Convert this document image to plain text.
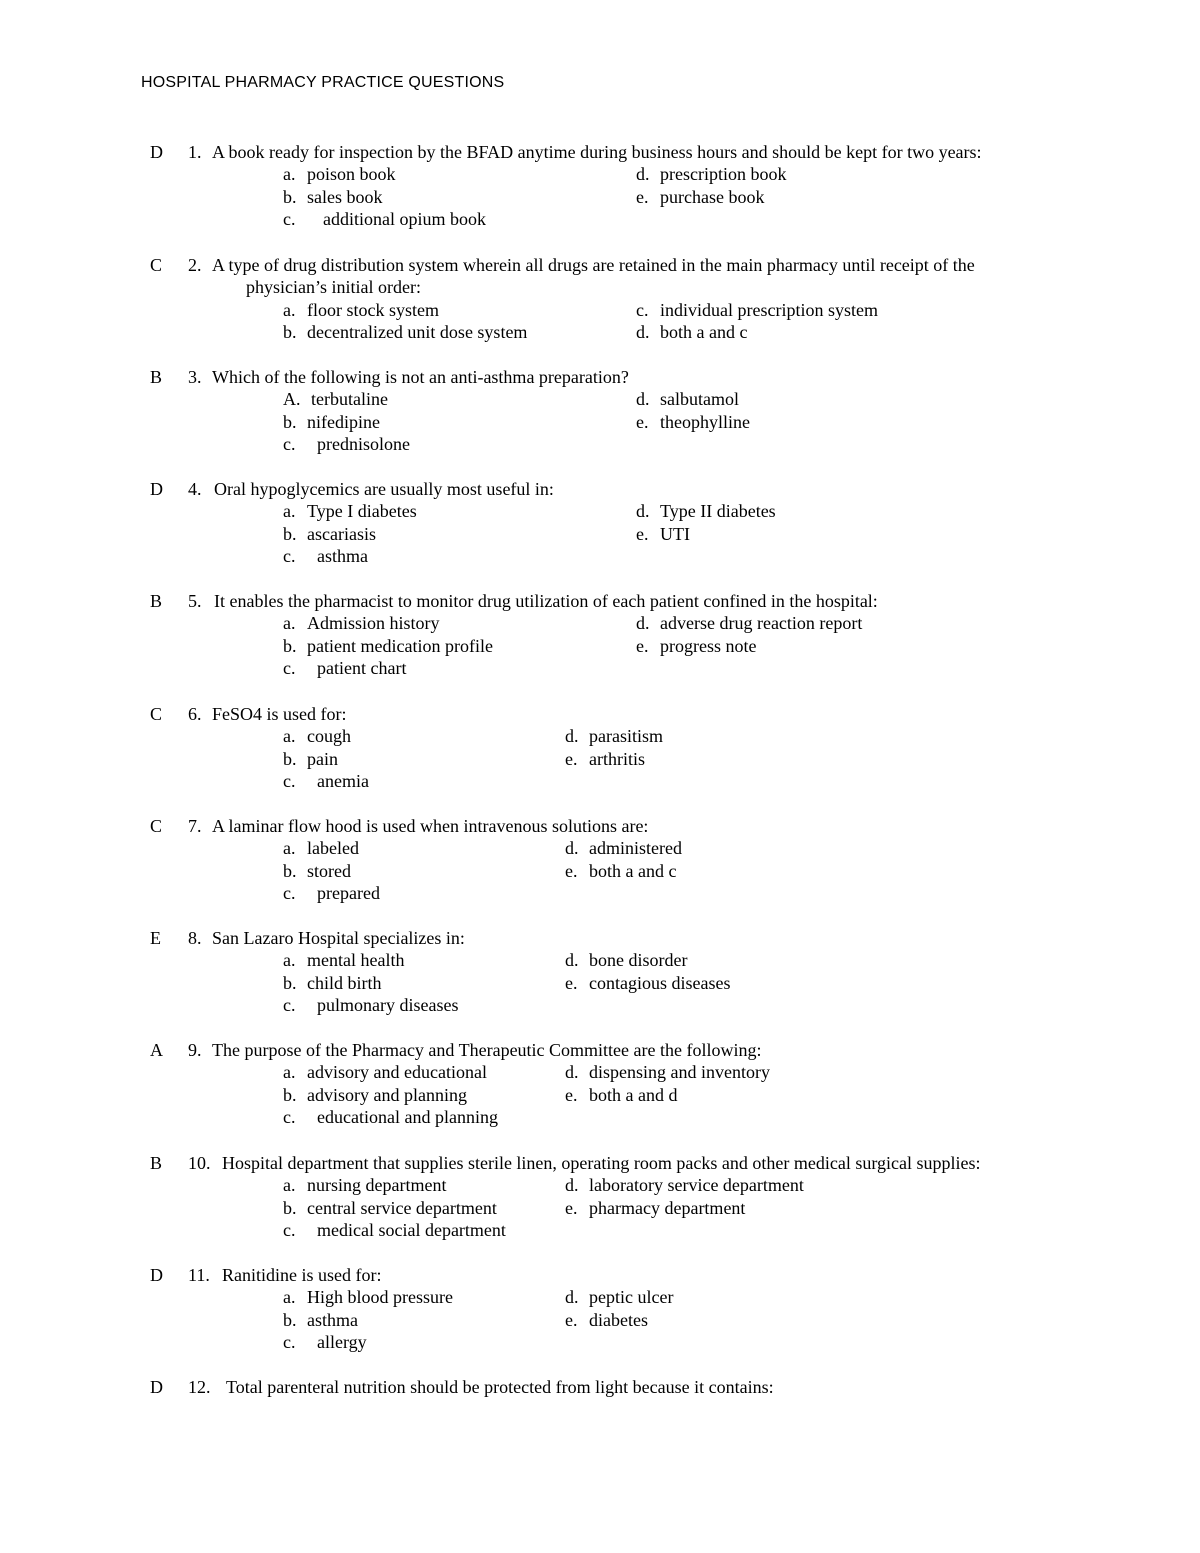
HOSPITAL PHARMACY PRACTICE QUESTIONS
D 1. A book ready for inspection by the BFAD anytime during business hours and should be kept for two years:
a. poison book	d. prescription book
b. sales book	e. purchase book
c. additional opium book
C 2. A type of drug distribution system wherein all drugs are retained in the main pharmacy until receipt of the
physician’s initial order:
a. floor stock system	c. individual prescription system
b. decentralized unit dose system	d. both a and c
B 3. Which of the following is not an anti-asthma preparation?
A. terbutaline	d. salbutamol
b. nifedipine	e. theophylline
c. prednisolone
D 4. Oral hypoglycemics are usually most useful in:
a. Type I diabetes	d. Type II diabetes
b. ascariasis	e. UTI
c. asthma
B 5. It enables the pharmacist to monitor drug utilization of each patient confined in the hospital:
a. Admission history	d. adverse drug reaction report
b. patient medication profile	e. progress note
c. patient chart
C 6. FeSO4 is used for:
a. cough	d. parasitism
b. pain	e. arthritis
c. anemia
C 7. A laminar flow hood is used when intravenous solutions are:
a. labeled	d. administered
b. stored	e. both a and c
c. prepared
E 8. San Lazaro Hospital specializes in:
a. mental health	d. bone disorder
b. child birth	e. contagious diseases
c. pulmonary diseases
A 9. The purpose of the Pharmacy and Therapeutic Committee are the following:
a. advisory and educational	d. dispensing and inventory
b. advisory and planning	e. both a and d
c. educational and planning
B 10. Hospital department that supplies sterile linen, operating room packs and other medical surgical supplies:
a. nursing department	d. laboratory service department
b. central service department	e. pharmacy department
c. medical social department
D 11. Ranitidine is used for:
a. High blood pressure	d. peptic ulcer
b. asthma	e. diabetes
c. allergy
D 12. Total parenteral nutrition should be protected from light because it contains:
